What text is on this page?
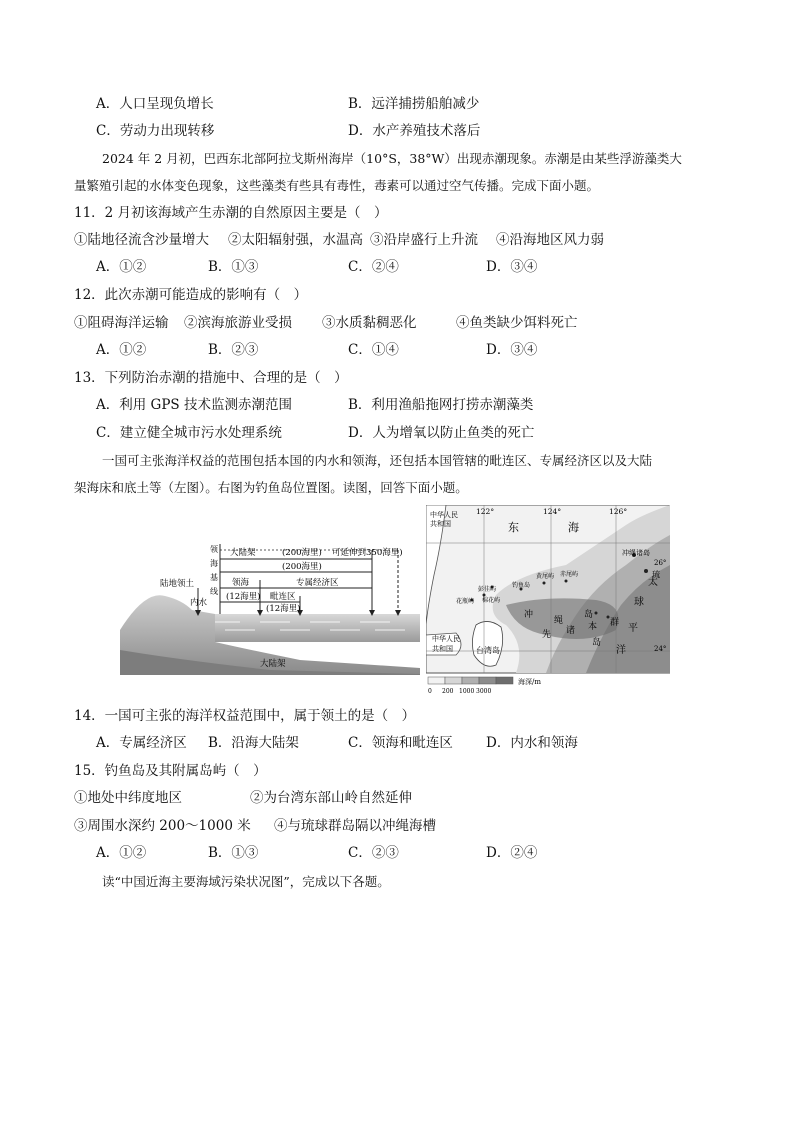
A．人口呈现负增长	B．远洋捕捞船舶减少
C．劳动力出现转移	D．水产养殖技术落后
2024 年 2 月初，巴西东北部阿拉戈斯州海岸（10°S，38°W）出现赤潮现象。赤潮是由某些浮游藻类大
量繁殖引起的水体变色现象，这些藻类有些具有毒性，毒素可以通过空气传播。完成下面小题。
11．2 月初该海域产生赤潮的自然原因主要是（　）
①陆地径流含沙量增大 ②太阳辐射强，水温高 ③沿岸盛行上升流 ④沿海地区风力弱
A．①②	B．①③	C．②④	D．③④
12．此次赤潮可能造成的影响有（　）
①阻碍海洋运输 ②滨海旅游业受损 ③水质黏稠恶化	④鱼类缺少饵料死亡
A．①②	B．②③	C．①④	D．③④
13．下列防治赤潮的措施中、合理的是（　）
A．利用 GPS 技术监测赤潮范围	B．利用渔船拖网打捞赤潮藻类
C．建立健全城市污水处理系统	D．人为增氧以防止鱼类的死亡
一国可主张海洋权益的范围包括本国的内水和领海，还包括本国管辖的毗连区、专属经济区以及大陆
架海床和底土等（左图）。右图为钓鱼岛位置图。读图，回答下面小题。
领海基线
大陆架	(200海里) 可延伸到350海里)
(200海里)
领海	专属经济区
(12海里) 毗连区
(12海里)
陆地领土
内水
大陆架
中华人民共和国
122°	124°	126°
东	海
26°
24°
钓鱼岛
黄尾屿 赤尾屿
彭佳屿
棉花屿
花瓶屿
冲
绳
岛
先 诸 本 群
岛
球
太
平
洋
冲绳诸岛
琉
台湾岛
中华人民共和国
0 200 1000 3000
海深/m
14．一国可主张的海洋权益范围中，属于领土的是（　）
A．专属经济区 B．沿海大陆架	C．领海和毗连区 D．内水和领海
15．钓鱼岛及其附属岛屿（　）
①地处中纬度地区	②为台湾东部山岭自然延伸
③周围水深约 200～1000 米 ④与琉球群岛隔以冲绳海槽
A．①②	B．①③	C．②③	D．②④
读“中国近海主要海域污染状况图”，完成以下各题。
